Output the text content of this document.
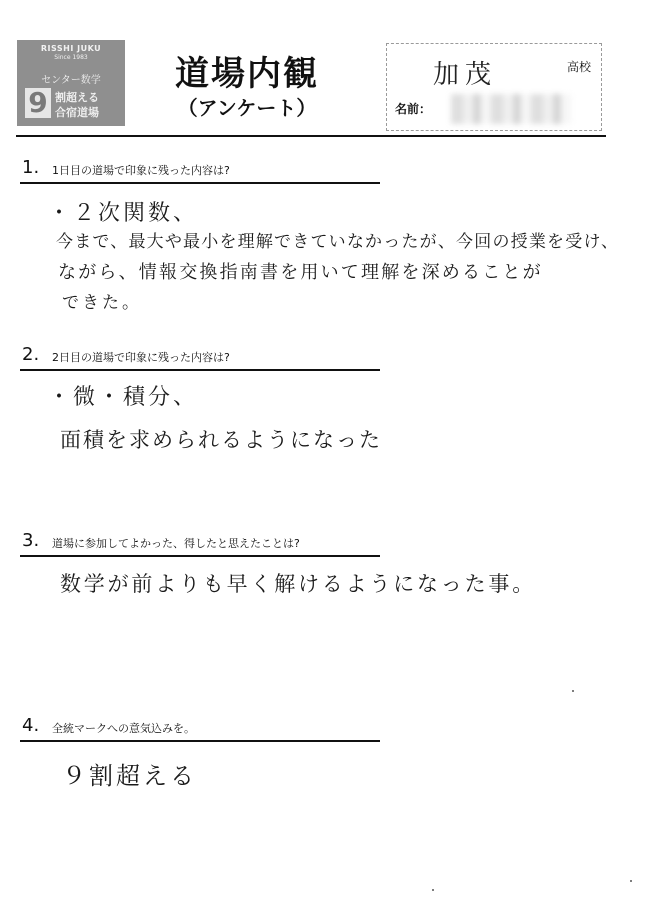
RISSHI JUKU
Since 1983
センター数学
9 割超える
合宿道場
道場内観
（アンケート）
加茂	高校
名前：
1. 1日目の道場で印象に残った内容は?
・２次関数、
今まで、最大や最小を理解できていなかったが、今回の授業を受け、
ながら、情報交換指南書を用いて理解を深めることが
できた。
2. 2日目の道場で印象に残った内容は?
・微・積分、
面積を求められるようになった
3. 道場に参加してよかった、得したと思えたことは?
数学が前よりも早く解けるようになった事。
4. 全統マークへの意気込みを。
９割超える
